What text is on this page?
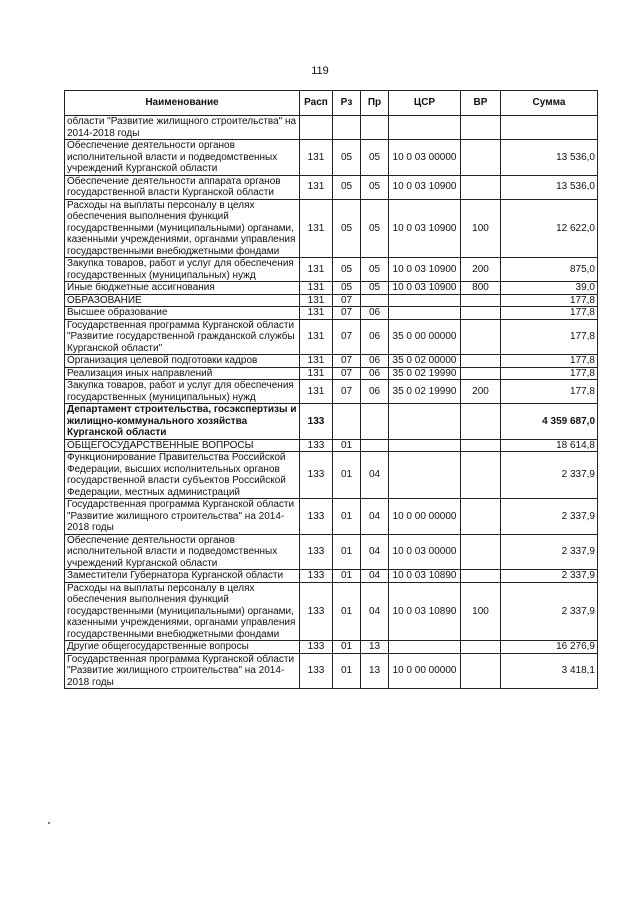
119
Наименование	Расп	Рз	Пр	ЦСР	ВР	Сумма
области "Развитие жилищного строительства" на 2014-2018 годы						
Обеспечение деятельности органов исполнительной власти и подведомственных учреждений Курганской области	131	05	05	10 0 03 00000		13 536,0
Обеспечение деятельности аппарата органов государственной власти Курганской области	131	05	05	10 0 03 10900		13 536,0
Расходы на выплаты персоналу в целях обеспечения выполнения функций государственными (муниципальными) органами, казенными учреждениями, органами управления государственными внебюджетными фондами	131	05	05	10 0 03 10900	100	12 622,0
Закупка товаров, работ и услуг для обеспечения государственных (муниципальных) нужд	131	05	05	10 0 03 10900	200	875,0
Иные бюджетные ассигнования	131	05	05	10 0 03 10900	800	39,0
ОБРАЗОВАНИЕ	131	07				177,8
Высшее образование	131	07	06			177,8
Государственная программа Курганской области "Развитие государственной гражданской службы Курганской области"	131	07	06	35 0 00 00000		177,8
Организация целевой подготовки кадров	131	07	06	35 0 02 00000		177,8
Реализация иных направлений	131	07	06	35 0 02 19990		177,8
Закупка товаров, работ и услуг для обеспечения государственных (муниципальных) нужд	131	07	06	35 0 02 19990	200	177,8
Департамент строительства, госэкспертизы и жилищно-коммунального хозяйства Курганской области	133					4 359 687,0
ОБЩЕГОСУДАРСТВЕННЫЕ ВОПРОСЫ	133	01				18 614,8
Функционирование Правительства Российской Федерации, высших исполнительных органов государственной власти субъектов Российской Федерации, местных администраций	133	01	04			2 337,9
Государственная программа Курганской области "Развитие жилищного строительства" на 2014-2018 годы	133	01	04	10 0 00 00000		2 337,9
Обеспечение деятельности органов исполнительной власти и подведомственных учреждений Курганской области	133	01	04	10 0 03 00000		2 337,9
Заместители Губернатора Курганской области	133	01	04	10 0 03 10890		2 337,9
Расходы на выплаты персоналу в целях обеспечения выполнения функций государственными (муниципальными) органами, казенными учреждениями, органами управления государственными внебюджетными фондами	133	01	04	10 0 03 10890	100	2 337,9
Другие общегосударственные вопросы	133	01	13			16 276,9
Государственная программа Курганской области "Развитие жилищного строительства" на 2014-2018 годы	133	01	13	10 0 00 00000		3 418,1
